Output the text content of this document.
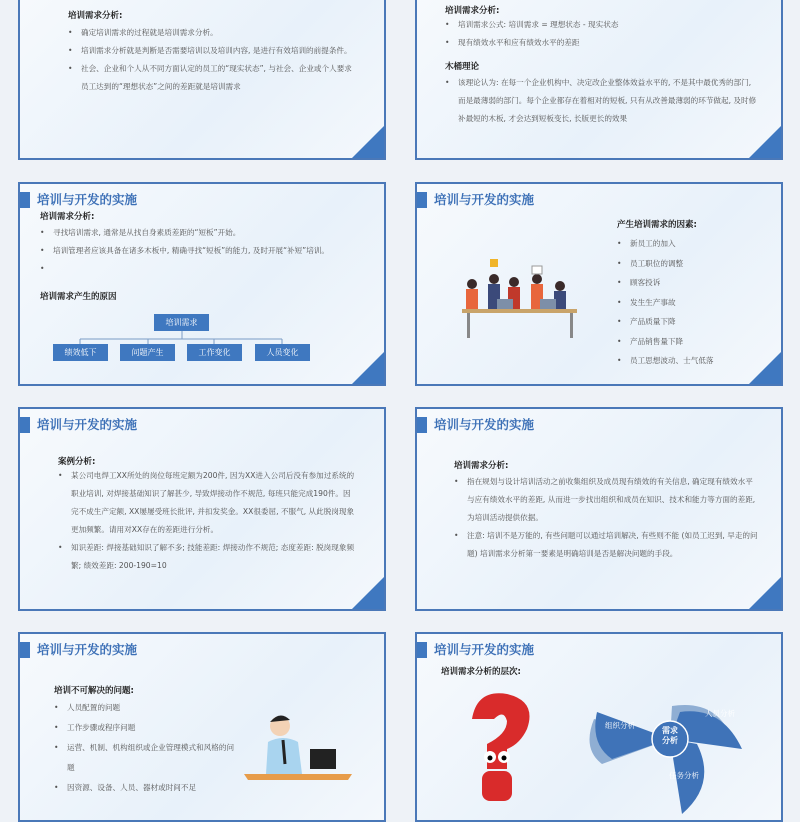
培训需求分析:
• 确定培训需求的过程就是培训需求分析。
• 培训需求分析就是判断是否需要培训以及培训内容, 是进行有效培训的前提条件。
• 社会、企业和个人从不同方面认定的员工的“现实状态”, 与社会、企业或个人要求员工达到的“理想状态”之间的差距就是培训需求
培训需求分析:
• 培训需求公式: 培训需求 = 理想状态 - 现实状态
• 现有绩效水平和应有绩效水平的差距
木桶理论
• 该理论认为: 在每一个企业机构中、决定改企业整体效益水平的, 不是其中最优秀的部门, 而是最薄弱的部门。每个企业都存在着相对的短板, 只有从改善最薄弱的环节做起, 及时修补最短的木板, 才会达到短板变长, 长版更长的效果
培训与开发的实施
培训需求分析:
• 寻找培训需求, 通常是从找自身素质差距的“短板”开始。
• 培训管理者应该具备在诸多木板中, 精确寻找“短板”的能力, 及时开展“补短”培训。
培训需求产生的原因
培训需求
绩效低下	问题产生	工作变化	人员变化
培训与开发的实施
产生培训需求的因素:
• 新员工的加入
• 员工职位的调整
• 顾客投诉
• 发生生产事故
• 产品质量下降
• 产品销售量下降
• 员工思想波动、士气低落
培训与开发的实施
案例分析:
• 某公司电焊工XX所处的岗位每班定额为200件, 因为XX进入公司后没有参加过系统的职业培训, 对焊接基础知识了解甚少, 导致焊接动作不规范, 每班只能完成190件。因完不成生产定额, XX屡屡受班长批评, 并扣发奖金。XX很委屈, 不服气, 从此脱岗现象更加频繁。请用对XX存在的差距进行分析。
• 知识差距: 焊接基础知识了解不多; 技能差距: 焊接动作不规范; 态度差距: 脱岗现象频繁; 绩效差距: 200-190=10
培训与开发的实施
培训需求分析:
• 指在规划与设计培训活动之前收集组织及成员现有绩效的有关信息, 确定现有绩效水平与应有绩效水平的差距, 从而进一步找出组织和成员在知识、技术和能力等方面的差距, 为培训活动提供依据。
• 注意: 培训不是万能的, 有些问题可以通过培训解决, 有些则不能 (如员工迟到, 早走的问题) 培训需求分析第一要素是明确培训是否是解决问题的手段。
培训与开发的实施
培训不可解决的问题:
• 人员配置的问题
• 工作步骤或程序问题
• 运营、机制、机构组织或企业管理模式和风格的问题
• 因资源、设备、人员、器材或时间不足
培训与开发的实施
培训需求分析的层次:
需求
分析
组织分析
人员分析
任务分析
